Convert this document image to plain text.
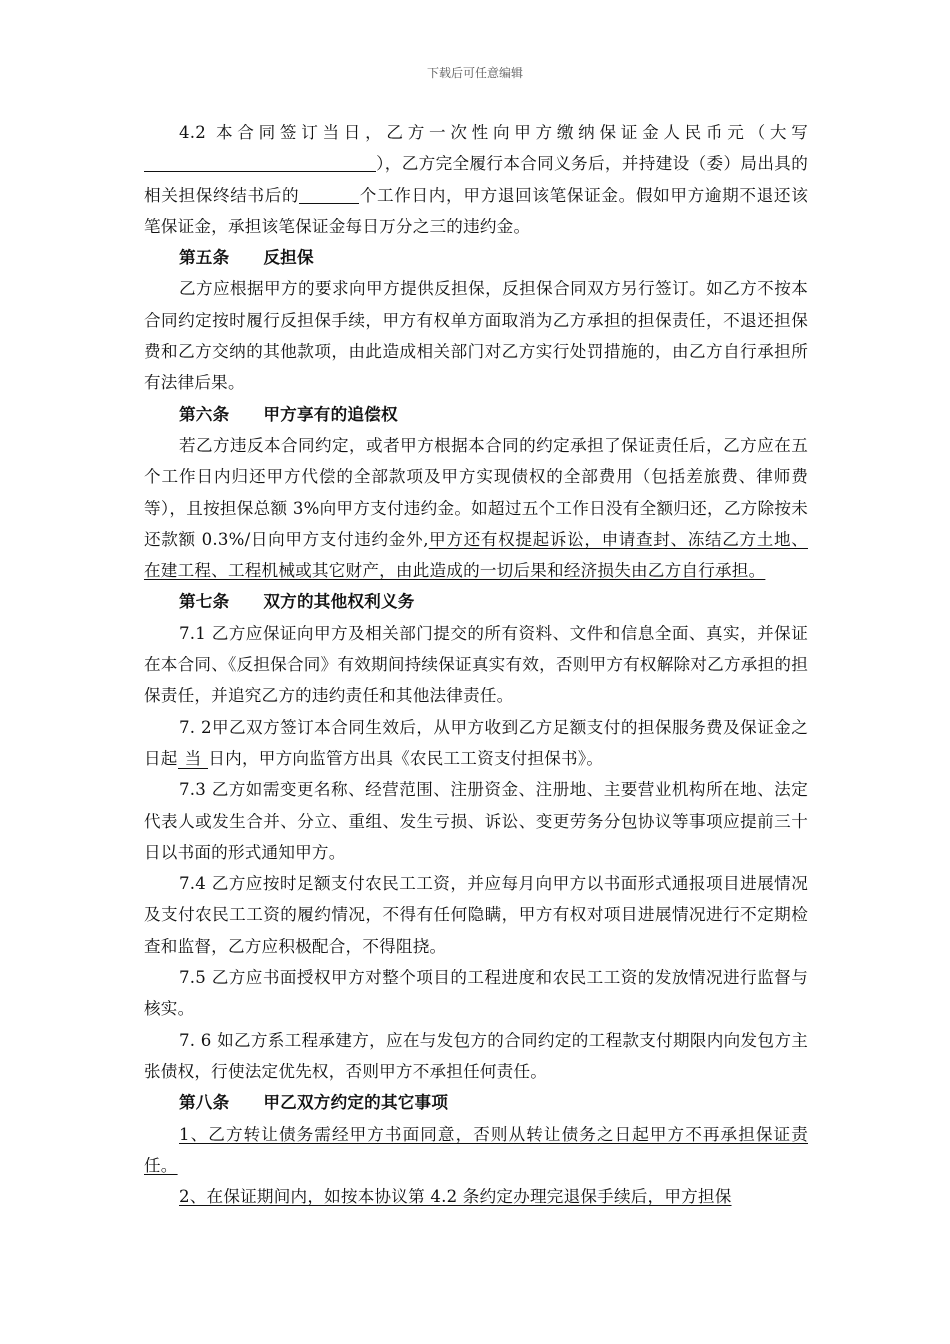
下载后可任意编辑

4.2 本合同签订当日，乙方一次性向甲方缴纳保证金人民币元（大写），乙方完全履行本合同义务后，并持建设（委）局出具的相关担保终结书后的	个工作日内，甲方退回该笔保证金。假如甲方逾期不退还该笔保证金，承担该笔保证金每日万分之三的违约金。

第五条 反担保

乙方应根据甲方的要求向甲方提供反担保，反担保合同双方另行签订。如乙方不按本合同约定按时履行反担保手续，甲方有权单方面取消为乙方承担的担保责任，不退还担保费和乙方交纳的其他款项，由此造成相关部门对乙方实行处罚措施的，由乙方自行承担所有法律后果。

第六条 甲方享有的追偿权

若乙方违反本合同约定，或者甲方根据本合同的约定承担了保证责任后，乙方应在五个工作日内归还甲方代偿的全部款项及甲方实现债权的全部费用（包括差旅费、律师费等），且按担保总额 3%向甲方支付违约金。如超过五个工作日没有全额归还，乙方除按未还款额 0.3%/日向甲方支付违约金外,甲方还有权提起诉讼，申请查封、冻结乙方土地、在建工程、工程机械或其它财产，由此造成的一切后果和经济损失由乙方自行承担。

第七条 双方的其他权利义务

7.1 乙方应保证向甲方及相关部门提交的所有资料、文件和信息全面、真实，并保证在本合同、《反担保合同》有效期间持续保证真实有效，否则甲方有权解除对乙方承担的担保责任，并追究乙方的违约责任和其他法律责任。

7. 2甲乙双方签订本合同生效后，从甲方收到乙方足额支付的担保服务费及保证金之日起 当 日内，甲方向监管方出具《农民工工资支付担保书》。

7.3 乙方如需变更名称、经营范围、注册资金、注册地、主要营业机构所在地、法定代表人或发生合并、分立、重组、发生亏损、诉讼、变更劳务分包协议等事项应提前三十日以书面的形式通知甲方。

7.4 乙方应按时足额支付农民工工资，并应每月向甲方以书面形式通报项目进展情况及支付农民工工资的履约情况，不得有任何隐瞒，甲方有权对项目进展情况进行不定期检查和监督，乙方应积极配合，不得阻挠。

7.5 乙方应书面授权甲方对整个项目的工程进度和农民工工资的发放情况进行监督与核实。

7. 6 如乙方系工程承建方，应在与发包方的合同约定的工程款支付期限内向发包方主张债权，行使法定优先权，否则甲方不承担任何责任。

第八条 甲乙双方约定的其它事项

1、乙方转让债务需经甲方书面同意，否则从转让债务之日起甲方不再承担保证责任。

2、在保证期间内，如按本协议第 4.2 条约定办理完退保手续后，甲方担保
